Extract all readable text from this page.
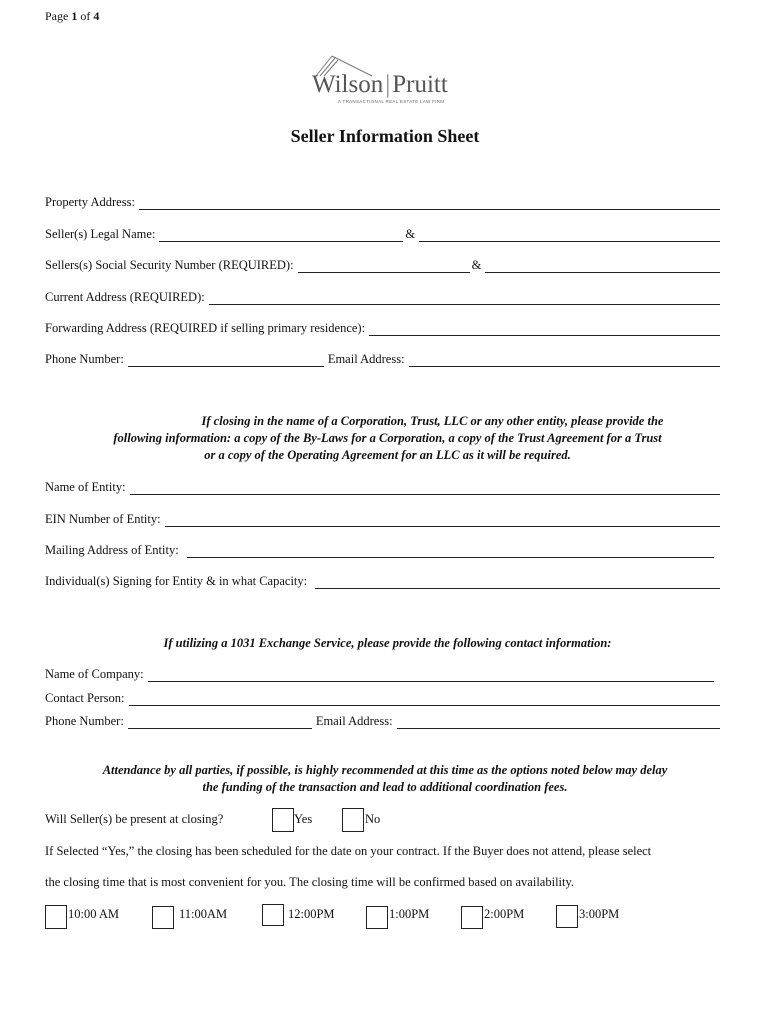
Page 1 of 4
Wilson|Pruitt
A TRANSACTIONAL REAL ESTATE LAW FIRM
Seller Information Sheet
Property Address:
Seller(s) Legal Name:	&
Sellers(s) Social Security Number (REQUIRED):	&
Current Address (REQUIRED):
Forwarding Address (REQUIRED if selling primary residence):
Phone Number:	Email Address:
If closing in the name of a Corporation, Trust, LLC or any other entity, please provide the
following information: a copy of the By-Laws for a Corporation, a copy of the Trust Agreement for a Trust
or a copy of the Operating Agreement for an LLC as it will be required.
Name of Entity:
EIN Number of Entity:
Mailing Address of Entity:
Individual(s) Signing for Entity & in what Capacity:
If utilizing a 1031 Exchange Service, please provide the following contact information:
Name of Company:
Contact Person:
Phone Number:	Email Address:
Attendance by all parties, if possible, is highly recommended at this time as the options noted below may delay
the funding of the transaction and lead to additional coordination fees.
Will Seller(s) be present at closing?	Yes	No
If Selected “Yes,” the closing has been scheduled for the date on your contract. If the Buyer does not attend, please select
the closing time that is most convenient for you. The closing time will be confirmed based on availability.
10:00 AM	11:00AM	12:00PM	1:00PM	2:00PM	3:00PM
